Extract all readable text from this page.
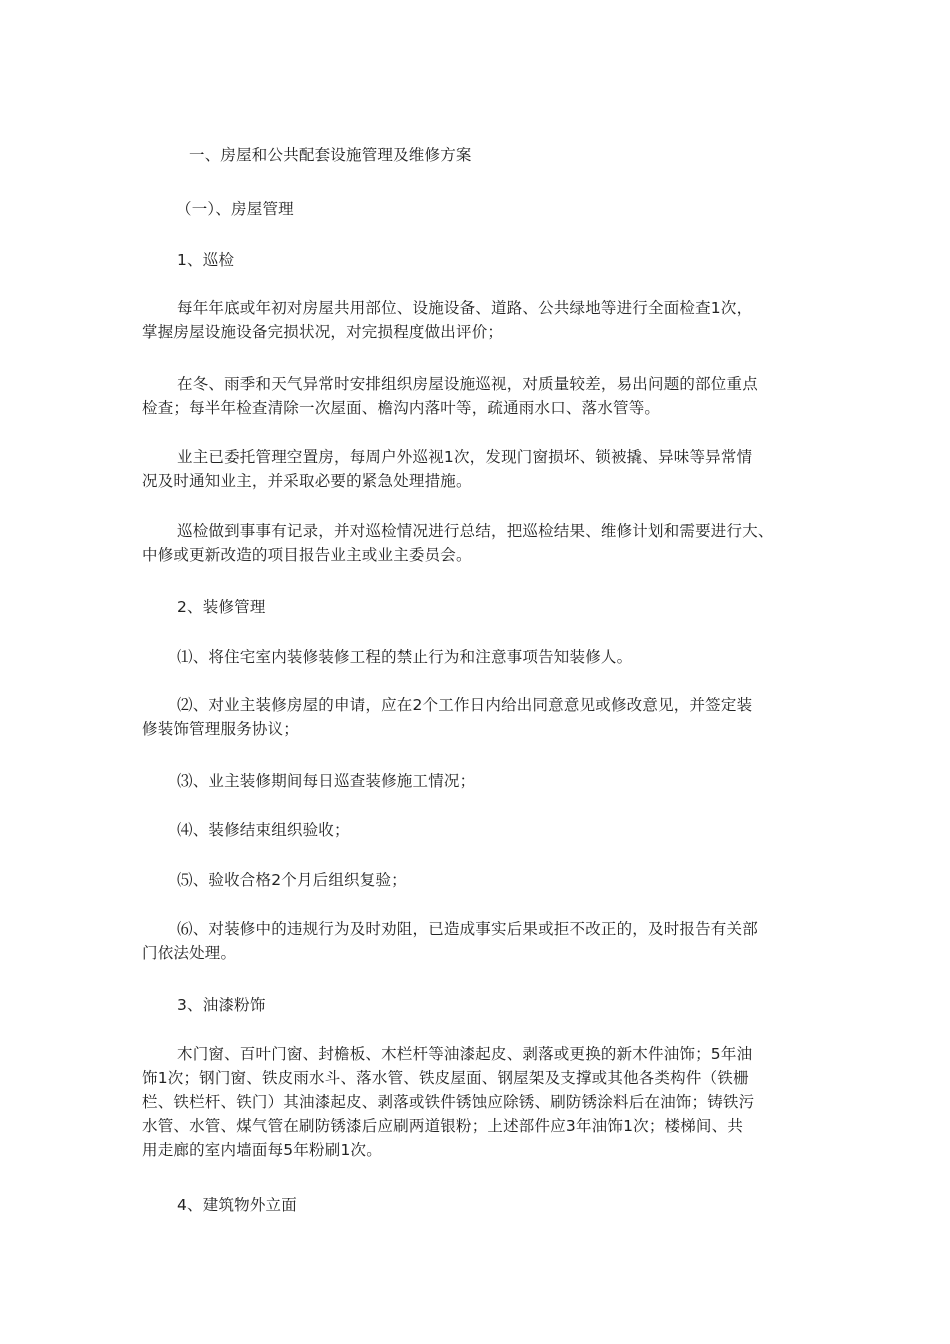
一、房屋和公共配套设施管理及维修方案
（一）、房屋管理
1、巡检
每年年底或年初对房屋共用部位、设施设备、道路、公共绿地等进行全面检查1次，
掌握房屋设施设备完损状况，对完损程度做出评价；
在冬、雨季和天气异常时安排组织房屋设施巡视，对质量较差，易出问题的部位重点
检查；每半年检查清除一次屋面、檐沟内落叶等，疏通雨水口、落水管等。
业主已委托管理空置房，每周户外巡视1次，发现门窗损坏、锁被撬、异味等异常情
况及时通知业主，并采取必要的紧急处理措施。
巡检做到事事有记录，并对巡检情况进行总结，把巡检结果、维修计划和需要进行大、
中修或更新改造的项目报告业主或业主委员会。
2、装修管理
⑴、将住宅室内装修装修工程的禁止行为和注意事项告知装修人。
⑵、对业主装修房屋的申请，应在2个工作日内给出同意意见或修改意见，并签定装
修装饰管理服务协议；
⑶、业主装修期间每日巡查装修施工情况；
⑷、装修结束组织验收；
⑸、验收合格2个月后组织复验；
⑹、对装修中的违规行为及时劝阻，已造成事实后果或拒不改正的，及时报告有关部
门依法处理。
3、油漆粉饰
木门窗、百叶门窗、封檐板、木栏杆等油漆起皮、剥落或更换的新木件油饰；5年油
饰1次；钢门窗、铁皮雨水斗、落水管、铁皮屋面、钢屋架及支撑或其他各类构件（铁栅
栏、铁栏杆、铁门）其油漆起皮、剥落或铁件锈蚀应除锈、刷防锈涂料后在油饰；铸铁污
水管、水管、煤气管在刷防锈漆后应刷两道银粉；上述部件应3年油饰1次；楼梯间、共
用走廊的室内墙面每5年粉刷1次。
4、建筑物外立面
